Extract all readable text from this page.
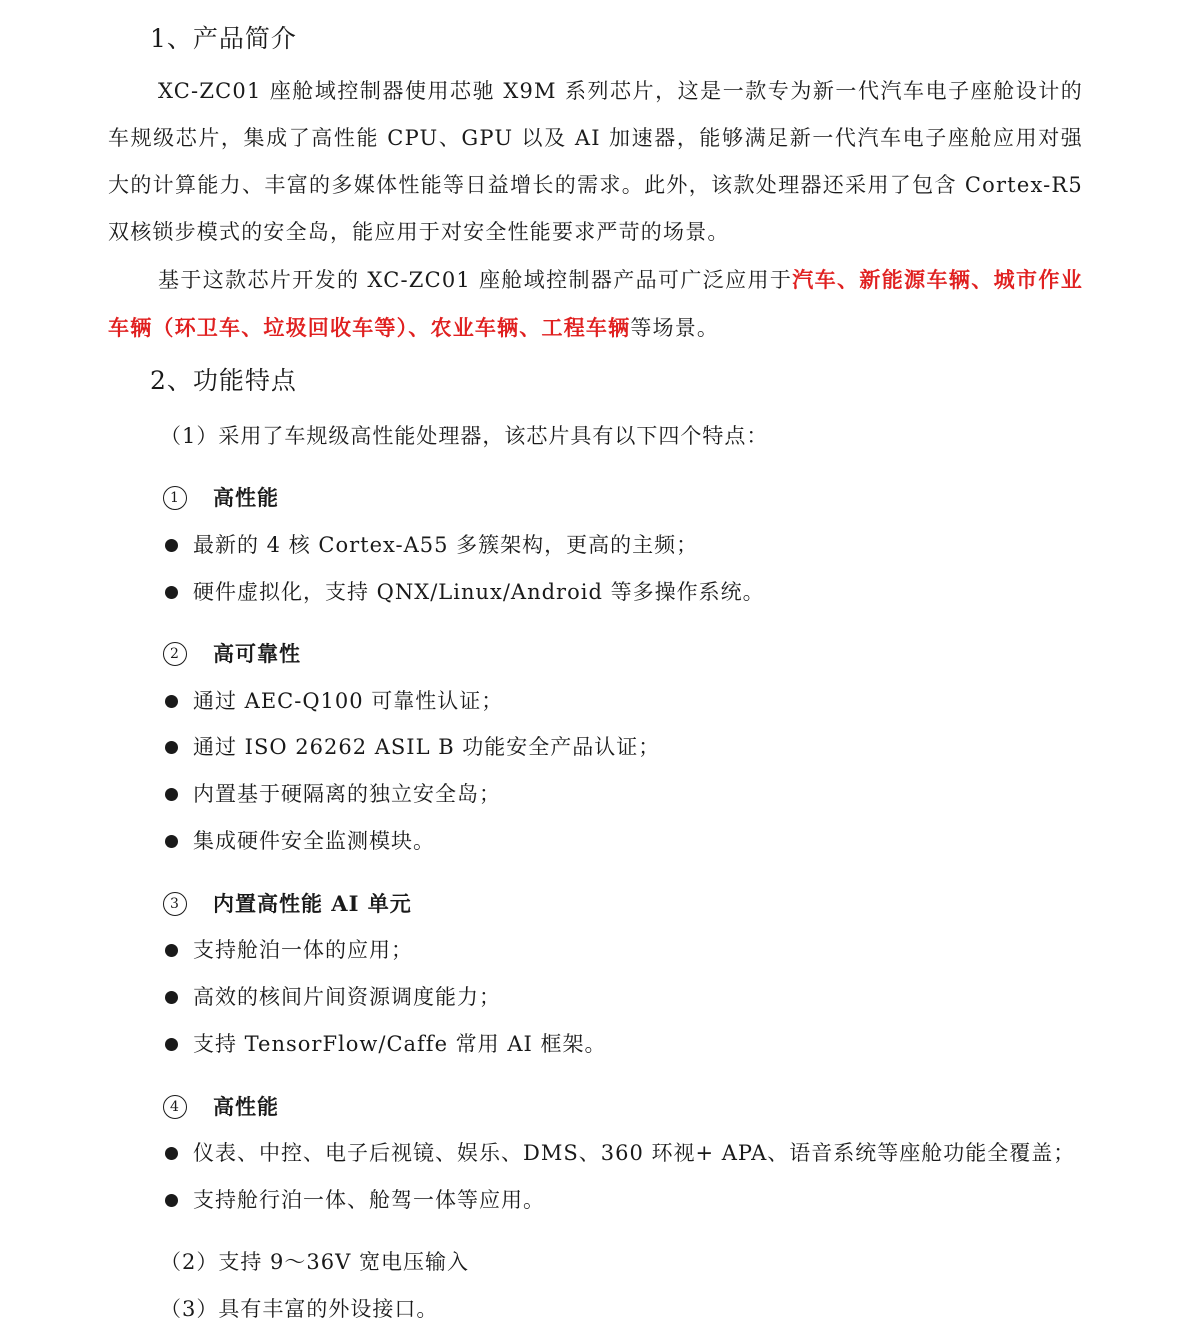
1、产品简介
XC-ZC01 座舱域控制器使用芯驰 X9M 系列芯片，这是一款专为新一代汽车电子座舱设计的车规级芯片，集成了高性能 CPU、GPU 以及 AI 加速器，能够满足新一代汽车电子座舱应用对强大的计算能力、丰富的多媒体性能等日益增长的需求。此外，该款处理器还采用了包含 Cortex-R5 双核锁步模式的安全岛，能应用于对安全性能要求严苛的场景。
基于这款芯片开发的 XC-ZC01 座舱域控制器产品可广泛应用于汽车、新能源车辆、城市作业车辆（环卫车、垃圾回收车等）、农业车辆、工程车辆等场景。
2、功能特点
（1）采用了车规级高性能处理器，该芯片具有以下四个特点：
1	高性能
最新的 4 核 Cortex-A55 多簇架构，更高的主频；
硬件虚拟化，支持 QNX/Linux/Android 等多操作系统。
2	高可靠性
通过 AEC-Q100 可靠性认证；
通过 ISO 26262 ASIL B 功能安全产品认证；
内置基于硬隔离的独立安全岛；
集成硬件安全监测模块。
3	内置高性能 AI 单元
支持舱泊一体的应用；
高效的核间片间资源调度能力；
支持 TensorFlow/Caffe 常用 AI 框架。
4	高性能
仪表、中控、电子后视镜、娱乐、DMS、360 环视+ APA、语音系统等座舱功能全覆盖；
支持舱行泊一体、舱驾一体等应用。
（2）支持 9～36V 宽电压输入
（3）具有丰富的外设接口。
